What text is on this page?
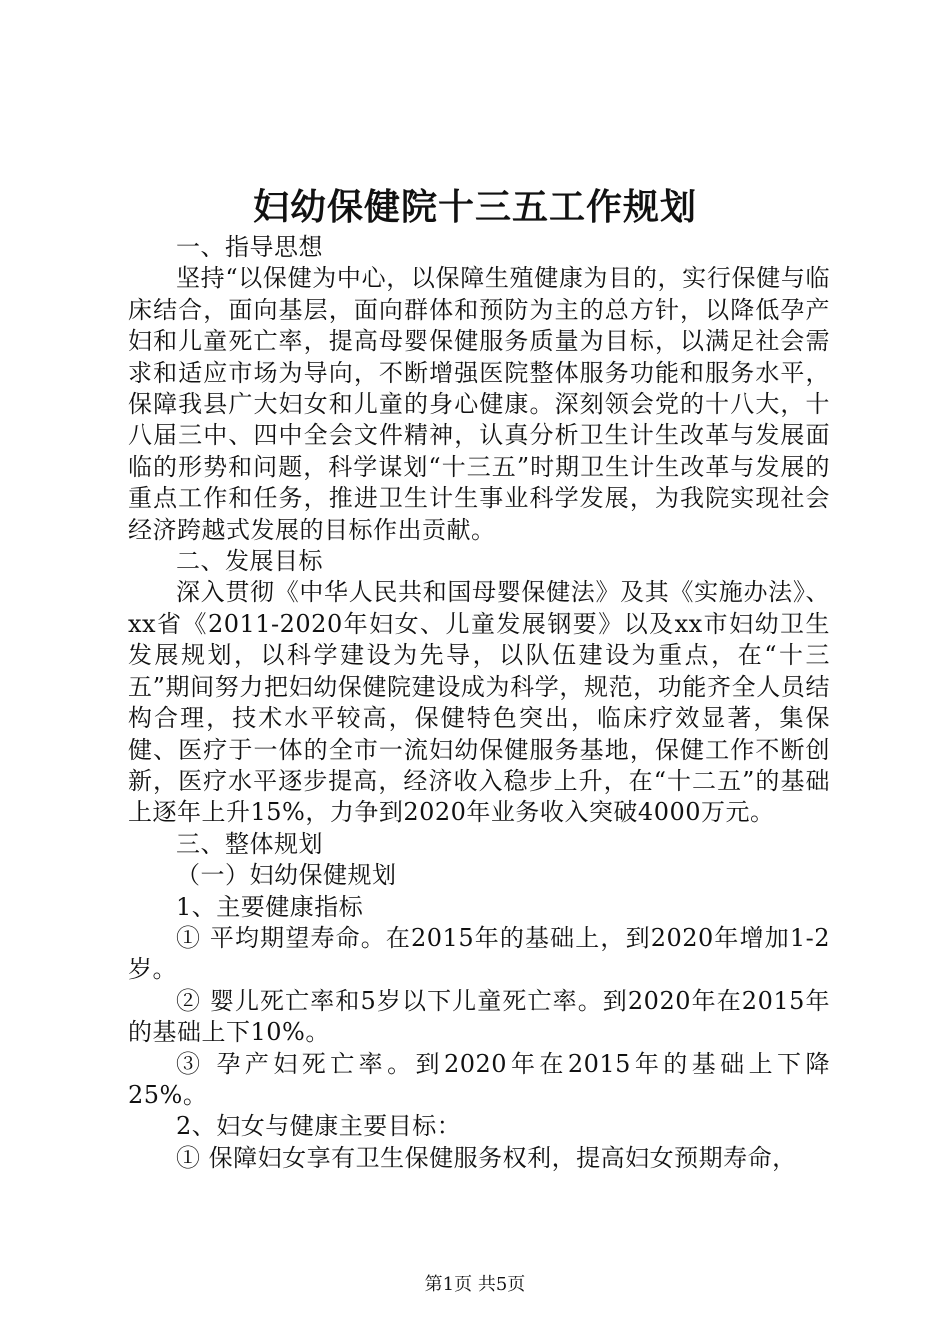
妇幼保健院十三五工作规划

一、指导思想

坚持“以保健为中心，以保障生殖健康为目的，实行保健与临床结合，面向基层，面向群体和预防为主的总方针，以降低孕产妇和儿童死亡率，提高母婴保健服务质量为目标，以满足社会需求和适应市场为导向，不断增强医院整体服务功能和服务水平，保障我县广大妇女和儿童的身心健康。深刻领会党的十八大，十八届三中、四中全会文件精神，认真分析卫生计生改革与发展面临的形势和问题，科学谋划“十三五”时期卫生计生改革与发展的重点工作和任务，推进卫生计生事业科学发展，为我院实现社会经济跨越式发展的目标作出贡献。

二、发展目标

深入贯彻《中华人民共和国母婴保健法》及其《实施办法》、xx省《2011-2020年妇女、儿童发展钢要》以及xx市妇幼卫生发展规划，以科学建设为先导，以队伍建设为重点，在“十三五”期间努力把妇幼保健院建设成为科学，规范，功能齐全人员结构合理，技术水平较高，保健特色突出，临床疗效显著，集保健、医疗于一体的全市一流妇幼保健服务基地，保健工作不断创新，医疗水平逐步提高，经济收入稳步上升，在“十二五”的基础上逐年上升15%，力争到2020年业务收入突破4000万元。

三、整体规划

（一）妇幼保健规划

1、主要健康指标

① 平均期望寿命。在2015年的基础上，到2020年增加1-2岁。

② 婴儿死亡率和5岁以下儿童死亡率。到2020年在2015年的基础上下10%。

③ 孕产妇死亡率。到2020年在2015年的基础上下降25%。

2、妇女与健康主要目标：

① 保障妇女享有卫生保健服务权利，提高妇女预期寿命，

第1页 共5页
